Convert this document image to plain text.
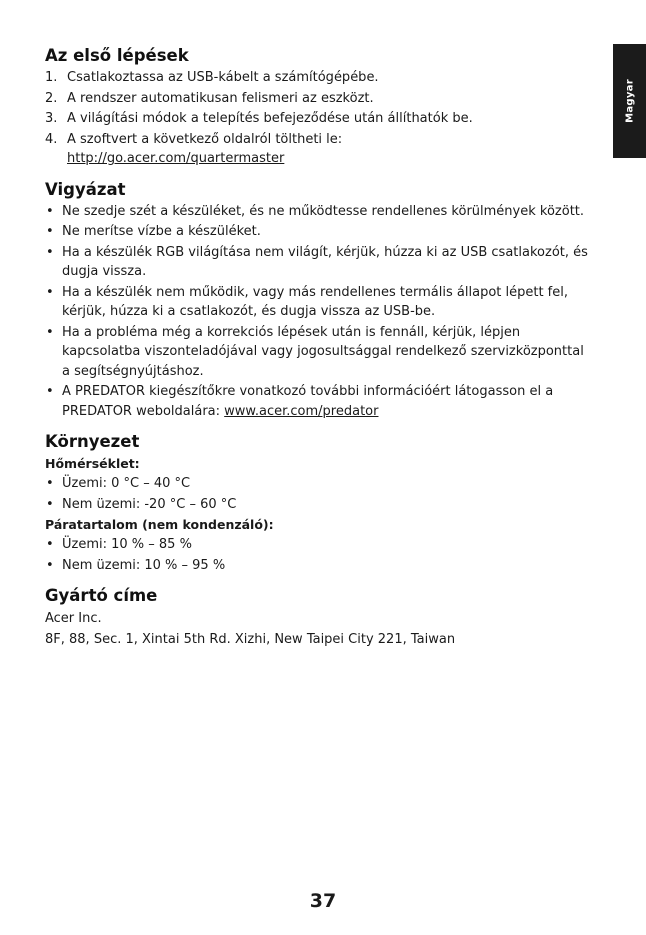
Magyar
Az első lépések
1. Csatlakoztassa az USB-kábelt a számítógépébe.
2. A rendszer automatikusan felismeri az eszközt.
3. A világítási módok a telepítés befejeződése után állíthatók be.
4. A szoftvert a következő oldalról töltheti le:
http://go.acer.com/quartermaster
Vigyázat
• Ne szedje szét a készüléket, és ne működtesse rendellenes körülmények között.
• Ne merítse vízbe a készüléket.
• Ha a készülék RGB világítása nem világít, kérjük, húzza ki az USB csatlakozót, és dugja vissza.
• Ha a készülék nem működik, vagy más rendellenes termális állapot lépett fel, kérjük, húzza ki a csatlakozót, és dugja vissza az USB-be.
• Ha a probléma még a korrekciós lépések után is fennáll, kérjük, lépjen kapcsolatba viszonteladójával vagy jogosultsággal rendelkező szervizközponttal a segítségnyújtáshoz.
• A PREDATOR kiegészítőkre vonatkozó további információért látogasson el a PREDATOR weboldalára: www.acer.com/predator
Környezet

Hőmérséklet:

• Üzemi: 0 °C – 40 °C
• Nem üzemi: -20 °C – 60 °C

Páratartalom (nem kondenzáló):

• Üzemi: 10 % – 85 %
• Nem üzemi: 10 % – 95 %
Gyártó címe

Acer Inc.

8F, 88, Sec. 1, Xintai 5th Rd. Xizhi, New Taipei City 221, Taiwan

37
